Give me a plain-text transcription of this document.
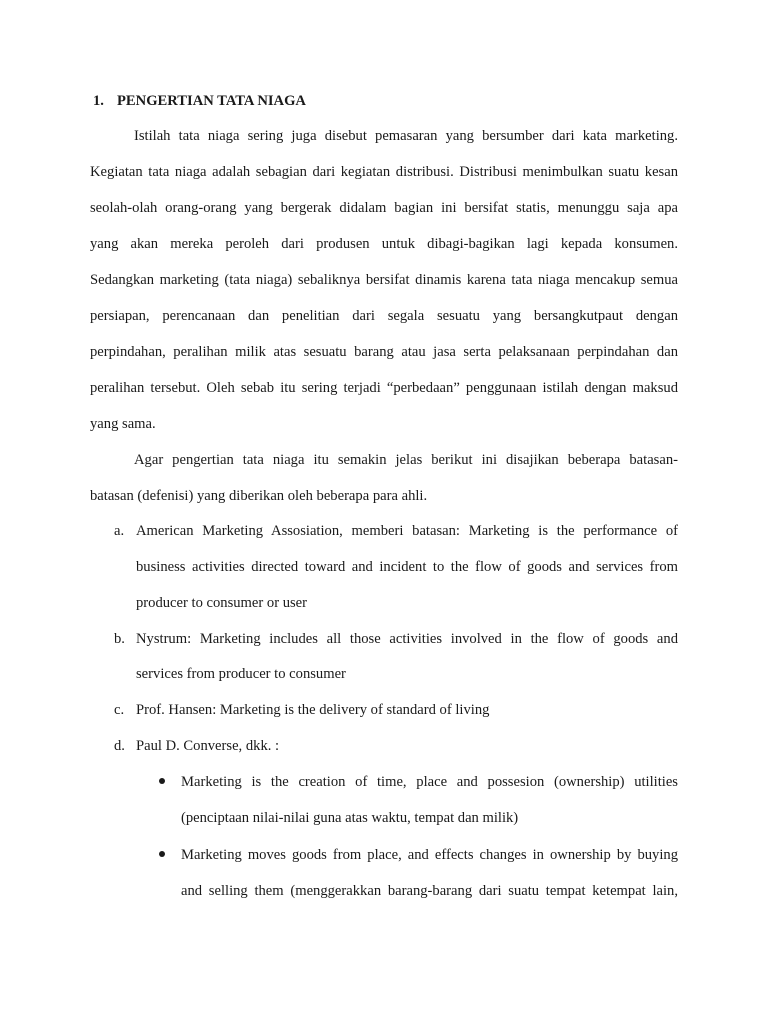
1. PENGERTIAN TATA NIAGA
Istilah tata niaga sering juga disebut pemasaran yang bersumber dari kata marketing.
Kegiatan tata niaga adalah sebagian dari kegiatan distribusi. Distribusi menimbulkan suatu kesan
seolah-olah orang-orang yang bergerak didalam bagian ini bersifat statis, menunggu saja apa
yang akan mereka peroleh dari produsen untuk dibagi-bagikan lagi kepada konsumen.
Sedangkan marketing (tata niaga) sebaliknya bersifat dinamis karena tata niaga mencakup semua
persiapan, perencanaan dan penelitian dari segala sesuatu yang bersangkutpaut dengan
perpindahan, peralihan milik atas sesuatu barang atau jasa serta pelaksanaan perpindahan dan
peralihan tersebut. Oleh sebab itu sering terjadi “perbedaan” penggunaan istilah dengan maksud
yang sama.
Agar pengertian tata niaga itu semakin jelas berikut ini disajikan beberapa batasan-
batasan (defenisi) yang diberikan oleh beberapa para ahli.
a. American Marketing Assosiation, memberi batasan: Marketing is the performance of
business activities directed toward and incident to the flow of goods and services from
producer to consumer or user
b. Nystrum: Marketing includes all those activities involved in the flow of goods and
services from producer to consumer
c. Prof. Hansen: Marketing is the delivery of standard of living
d. Paul D. Converse, dkk. :
Marketing is the creation of time, place and possesion (ownership) utilities
(penciptaan nilai-nilai guna atas waktu, tempat dan milik)
Marketing moves goods from place, and effects changes in ownership by buying
and selling them (menggerakkan barang-barang dari suatu tempat ketempat lain,
